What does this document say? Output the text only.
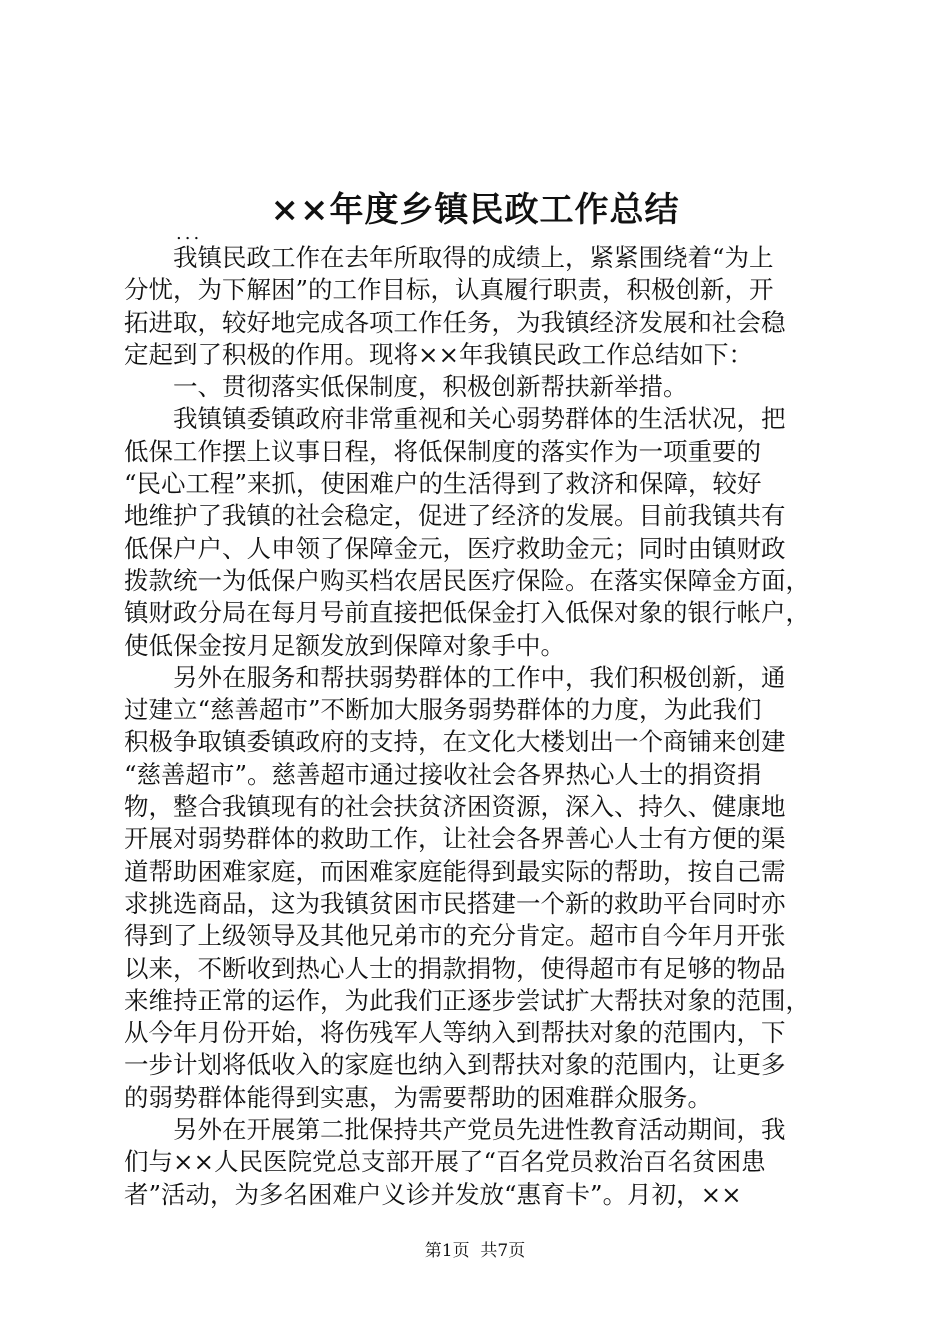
××年度乡镇民政工作总结
...
　　我镇民政工作在去年所取得的成绩上，紧紧围绕着“为上
分忧，为下解困”的工作目标，认真履行职责，积极创新，开
拓进取，较好地完成各项工作任务，为我镇经济发展和社会稳
定起到了积极的作用。现将××年我镇民政工作总结如下：
　　一、贯彻落实低保制度，积极创新帮扶新举措。
　　我镇镇委镇政府非常重视和关心弱势群体的生活状况，把
低保工作摆上议事日程，将低保制度的落实作为一项重要的
“民心工程”来抓，使困难户的生活得到了救济和保障，较好
地维护了我镇的社会稳定，促进了经济的发展。目前我镇共有
低保户户、人申领了保障金元，医疗救助金元；同时由镇财政
拨款统一为低保户购买档农居民医疗保险。在落实保障金方面，
镇财政分局在每月号前直接把低保金打入低保对象的银行帐户，
使低保金按月足额发放到保障对象手中。
　　另外在服务和帮扶弱势群体的工作中，我们积极创新，通
过建立“慈善超市”不断加大服务弱势群体的力度，为此我们
积极争取镇委镇政府的支持，在文化大楼划出一个商铺来创建
“慈善超市”。慈善超市通过接收社会各界热心人士的捐资捐
物，整合我镇现有的社会扶贫济困资源，深入、持久、健康地
开展对弱势群体的救助工作，让社会各界善心人士有方便的渠
道帮助困难家庭，而困难家庭能得到最实际的帮助，按自己需
求挑选商品，这为我镇贫困市民搭建一个新的救助平台同时亦
得到了上级领导及其他兄弟市的充分肯定。超市自今年月开张
以来，不断收到热心人士的捐款捐物，使得超市有足够的物品
来维持正常的运作，为此我们正逐步尝试扩大帮扶对象的范围，
从今年月份开始，将伤残军人等纳入到帮扶对象的范围内，下
一步计划将低收入的家庭也纳入到帮扶对象的范围内，让更多
的弱势群体能得到实惠，为需要帮助的困难群众服务。
　　另外在开展第二批保持共产党员先进性教育活动期间，我
们与××人民医院党总支部开展了“百名党员救治百名贫困患
者”活动，为多名困难户义诊并发放“惠育卡”。月初，××
第1页  共7页
